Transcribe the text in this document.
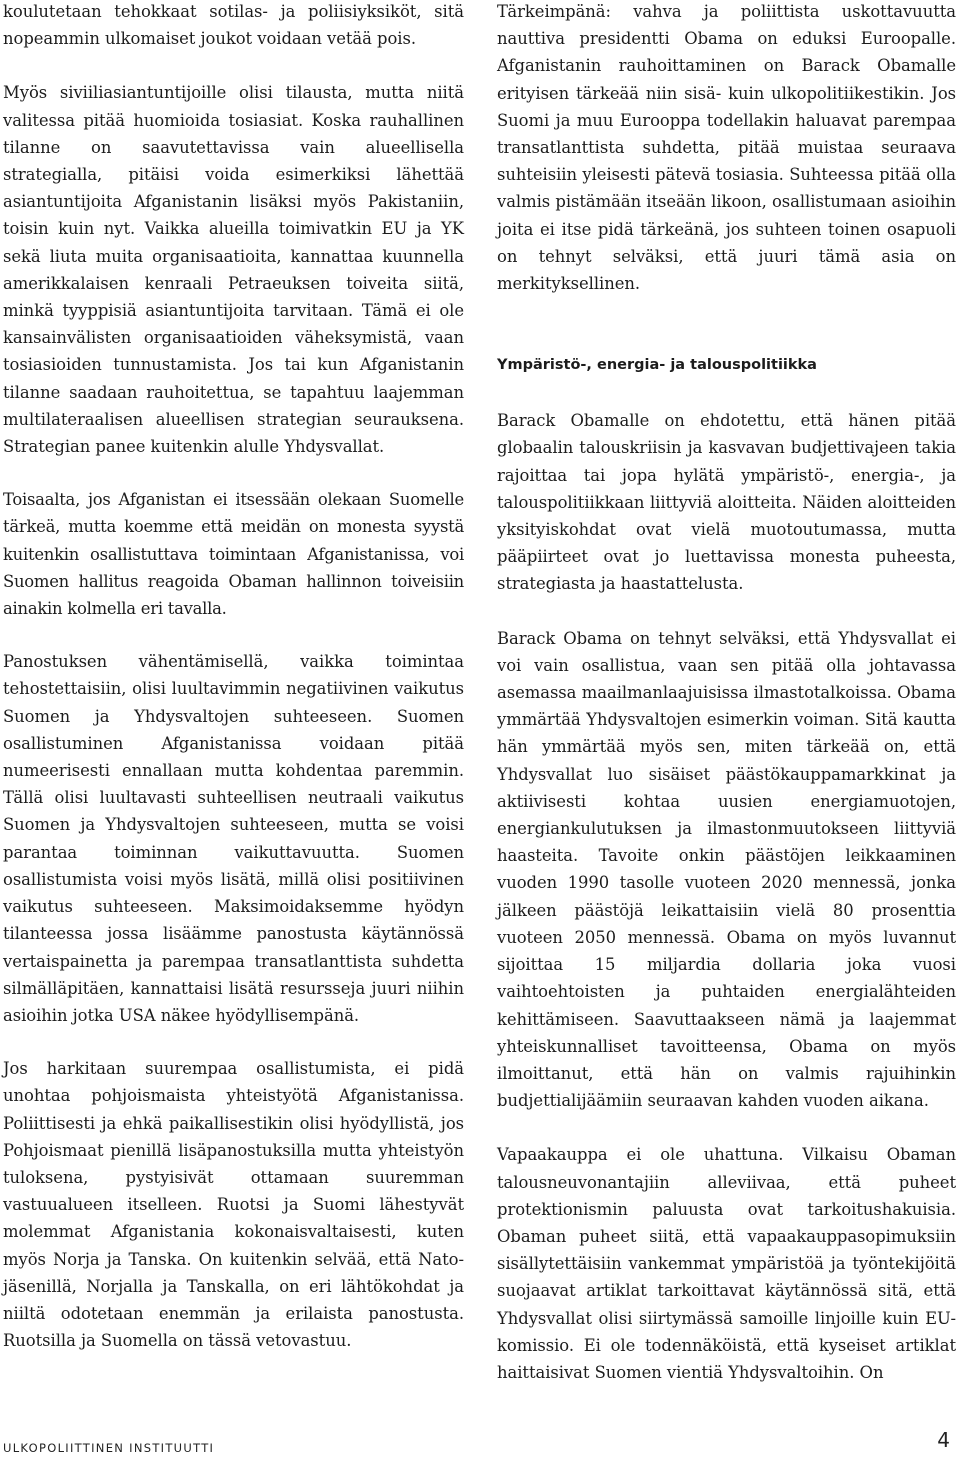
koulutetaan tehokkaat sotilas- ja poliisiyksiköt, sitä nopeammin ulkomaiset joukot voidaan vetää pois.

Myös siviiliasiantuntijoille olisi tilausta, mutta niitä valitessa pitää huomioida tosiasiat. Koska rauhallinen tilanne on saavutettavissa vain alueellisella strategialla, pitäisi voida esimerkiksi lähettää asiantuntijoita Afganistanin lisäksi myös Pakistaniin, toisin kuin nyt. Vaikka alueilla toimivatkin EU ja YK sekä liuta muita organisaatioita, kannattaa kuunnella amerikkalaisen kenraali Petraeuksen toiveita siitä, minkä tyyppisiä asiantuntijoita tarvitaan. Tämä ei ole kansainvälisten organisaatioiden väheksymistä, vaan tosiasioiden tunnustamista. Jos tai kun Afganistanin tilanne saadaan rauhoitettua, se tapahtuu laajemman multilateraalisen alueellisen strategian seurauksena. Strategian panee kuitenkin alulle Yhdysvallat.

Toisaalta, jos Afganistan ei itsessään olekaan Suomelle tärkeä, mutta koemme että meidän on monesta syystä kuitenkin osallistuttava toimintaan Afganistanissa, voi Suomen hallitus reagoida Obaman hallinnon toiveisiin ainakin kolmella eri tavalla.

Panostuksen vähentämisellä, vaikka toimintaa tehostettaisiin, olisi luultavimmin negatiivinen vaikutus Suomen ja Yhdysvaltojen suhteeseen. Suomen osallistuminen Afganistanissa voidaan pitää numeerisesti ennallaan mutta kohdentaa paremmin. Tällä olisi luultavasti suhteellisen neutraali vaikutus Suomen ja Yhdysvaltojen suhteeseen, mutta se voisi parantaa toiminnan vaikuttavuutta. Suomen osallistumista voisi myös lisätä, millä olisi positiivinen vaikutus suhteeseen. Maksimoidaksemme hyödyn tilanteessa jossa lisäämme panostusta käytännössä vertaispainetta ja parempaa transatlanttista suhdetta silmälläpitäen, kannattaisi lisätä resursseja juuri niihin asioihin jotka USA näkee hyödyllisempänä.

Jos harkitaan suurempaa osallistumista, ei pidä unohtaa pohjoismaista yhteistyötä Afganistanissa. Poliittisesti ja ehkä paikallisestikin olisi hyödyllistä, jos Pohjoismaat pienillä lisäpanostuksilla mutta yhteistyön tuloksena, pystyisivät ottamaan suuremman vastuualueen itselleen. Ruotsi ja Suomi lähestyvät molemmat Afganistania kokonaisvaltaisesti, kuten myös Norja ja Tanska. On kuitenkin selvää, että Nato-jäsenillä, Norjalla ja Tanskalla, on eri lähtökohdat ja niiltä odotetaan enemmän ja erilaista panostusta. Ruotsilla ja Suomella on tässä vetovastuu.

Tärkeimpänä: vahva ja poliittista uskottavuutta nauttiva presidentti Obama on eduksi Euroopalle. Afganistanin rauhoittaminen on Barack Obamalle erityisen tärkeää niin sisä- kuin ulkopolitiikestikin. Jos Suomi ja muu Eurooppa todellakin haluavat parempaa transatlanttista suhdetta, pitää muistaa seuraava suhteisiin yleisesti pätevä tosiasia. Suhteessa pitää olla valmis pistämään itseään likoon, osallistumaan asioihin joita ei itse pidä tärkeänä, jos suhteen toinen osapuoli on tehnyt selväksi, että juuri tämä asia on merkityksellinen.

Ympäristö-, energia- ja talouspolitiikka

Barack Obamalle on ehdotettu, että hänen pitää globaalin talouskriisin ja kasvavan budjettivajeen takia rajoittaa tai jopa hylätä ympäristö-, energia-, ja talouspolitiikkaan liittyviä aloitteita. Näiden aloitteiden yksityiskohdat ovat vielä muotoutumassa, mutta pääpiirteet ovat jo luettavissa monesta puheesta, strategiasta ja haastattelusta.

Barack Obama on tehnyt selväksi, että Yhdysvallat ei voi vain osallistua, vaan sen pitää olla johtavassa asemassa maailmanlaajuisissa ilmastotalkoissa. Obama ymmärtää Yhdysvaltojen esimerkin voiman. Sitä kautta hän ymmärtää myös sen, miten tärkeää on, että Yhdysvallat luo sisäiset päästökauppamarkkinat ja aktiivisesti kohtaa uusien energiamuotojen, energiankulutuksen ja ilmastonmuutokseen liittyviä haasteita. Tavoite onkin päästöjen leikkaaminen vuoden 1990 tasolle vuoteen 2020 mennessä, jonka jälkeen päästöjä leikattaisiin vielä 80 prosenttia vuoteen 2050 mennessä. Obama on myös luvannut sijoittaa 15 miljardia dollaria joka vuosi vaihtoehtoisten ja puhtaiden energialähteiden kehittämiseen. Saavuttaakseen nämä ja laajemmat yhteiskunnalliset tavoitteensa, Obama on myös ilmoittanut, että hän on valmis rajuihinkin budjettialijäämiin seuraavan kahden vuoden aikana.

Vapaakauppa ei ole uhattuna. Vilkaisu Obaman talousneuvonantajiin alleviivaa, että puheet protektionismin paluusta ovat tarkoitushakuisia. Obaman puheet siitä, että vapaakauppasopimuksiin sisällytettäisiin vankemmat ympäristöä ja työntekijöitä suojaavat artiklat tarkoittavat käytännössä sitä, että Yhdysvallat olisi siirtymässä samoille linjoille kuin EU-komissio. Ei ole todennäköistä, että kyseiset artiklat haittaisivat Suomen vientiä Yhdysvaltoihin. On

ULKOPOLIITTINEN INSTITUUTTI	4
